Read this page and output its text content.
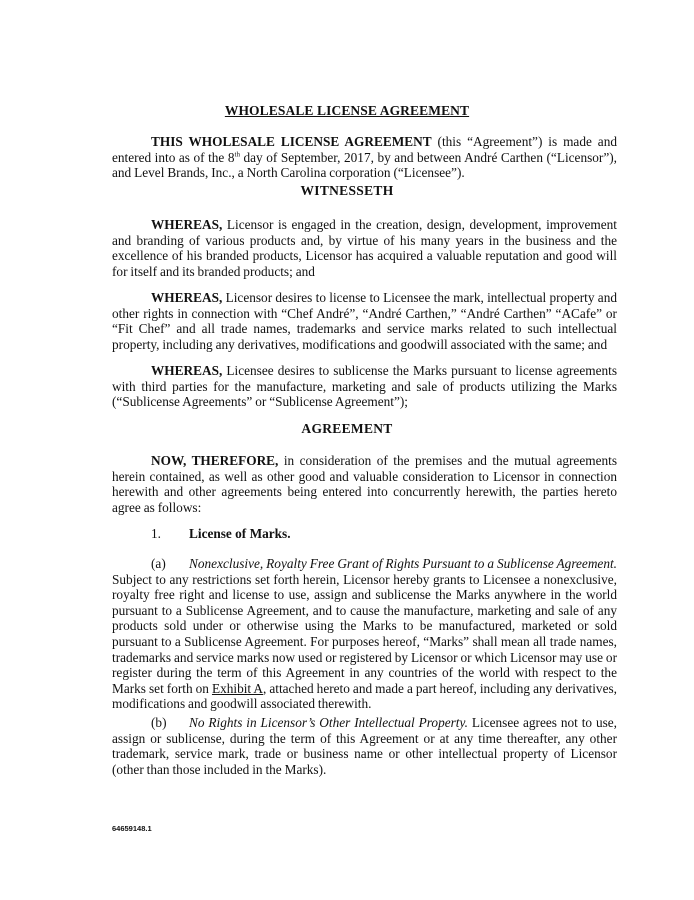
WHOLESALE LICENSE AGREEMENT
THIS WHOLESALE LICENSE AGREEMENT (this “Agreement”) is made and entered into as of the 8th day of September, 2017, by and between André Carthen (“Licensor”), and Level Brands, Inc., a North Carolina corporation (“Licensee”).
WITNESSETH
WHEREAS, Licensor is engaged in the creation, design, development, improvement and branding of various products and, by virtue of his many years in the business and the excellence of his branded products, Licensor has acquired a valuable reputation and good will for itself and its branded products; and
WHEREAS, Licensor desires to license to Licensee the mark, intellectual property and other rights in connection with “Chef André”, “André Carthen,” “André Carthen” “ACafe” or “Fit Chef” and all trade names, trademarks and service marks related to such intellectual property, including any derivatives, modifications and goodwill associated with the same; and
WHEREAS, Licensee desires to sublicense the Marks pursuant to license agreements with third parties for the manufacture, marketing and sale of products utilizing the Marks (“Sublicense Agreements” or “Sublicense Agreement”);
AGREEMENT
NOW, THEREFORE, in consideration of the premises and the mutual agreements herein contained, as well as other good and valuable consideration to Licensor in connection herewith and other agreements being entered into concurrently herewith, the parties hereto agree as follows:
1. License of Marks.
(a) Nonexclusive, Royalty Free Grant of Rights Pursuant to a Sublicense Agreement. Subject to any restrictions set forth herein, Licensor hereby grants to Licensee a nonexclusive, royalty free right and license to use, assign and sublicense the Marks anywhere in the world pursuant to a Sublicense Agreement, and to cause the manufacture, marketing and sale of any products sold under or otherwise using the Marks to be manufactured, marketed or sold pursuant to a Sublicense Agreement. For purposes hereof, “Marks” shall mean all trade names, trademarks and service marks now used or registered by Licensor or which Licensor may use or register during the term of this Agreement in any countries of the world with respect to the Marks set forth on Exhibit A, attached hereto and made a part hereof, including any derivatives, modifications and goodwill associated therewith.
(b) No Rights in Licensor’s Other Intellectual Property. Licensee agrees not to use, assign or sublicense, during the term of this Agreement or at any time thereafter, any other trademark, service mark, trade or business name or other intellectual property of Licensor (other than those included in the Marks).
64659148.1
